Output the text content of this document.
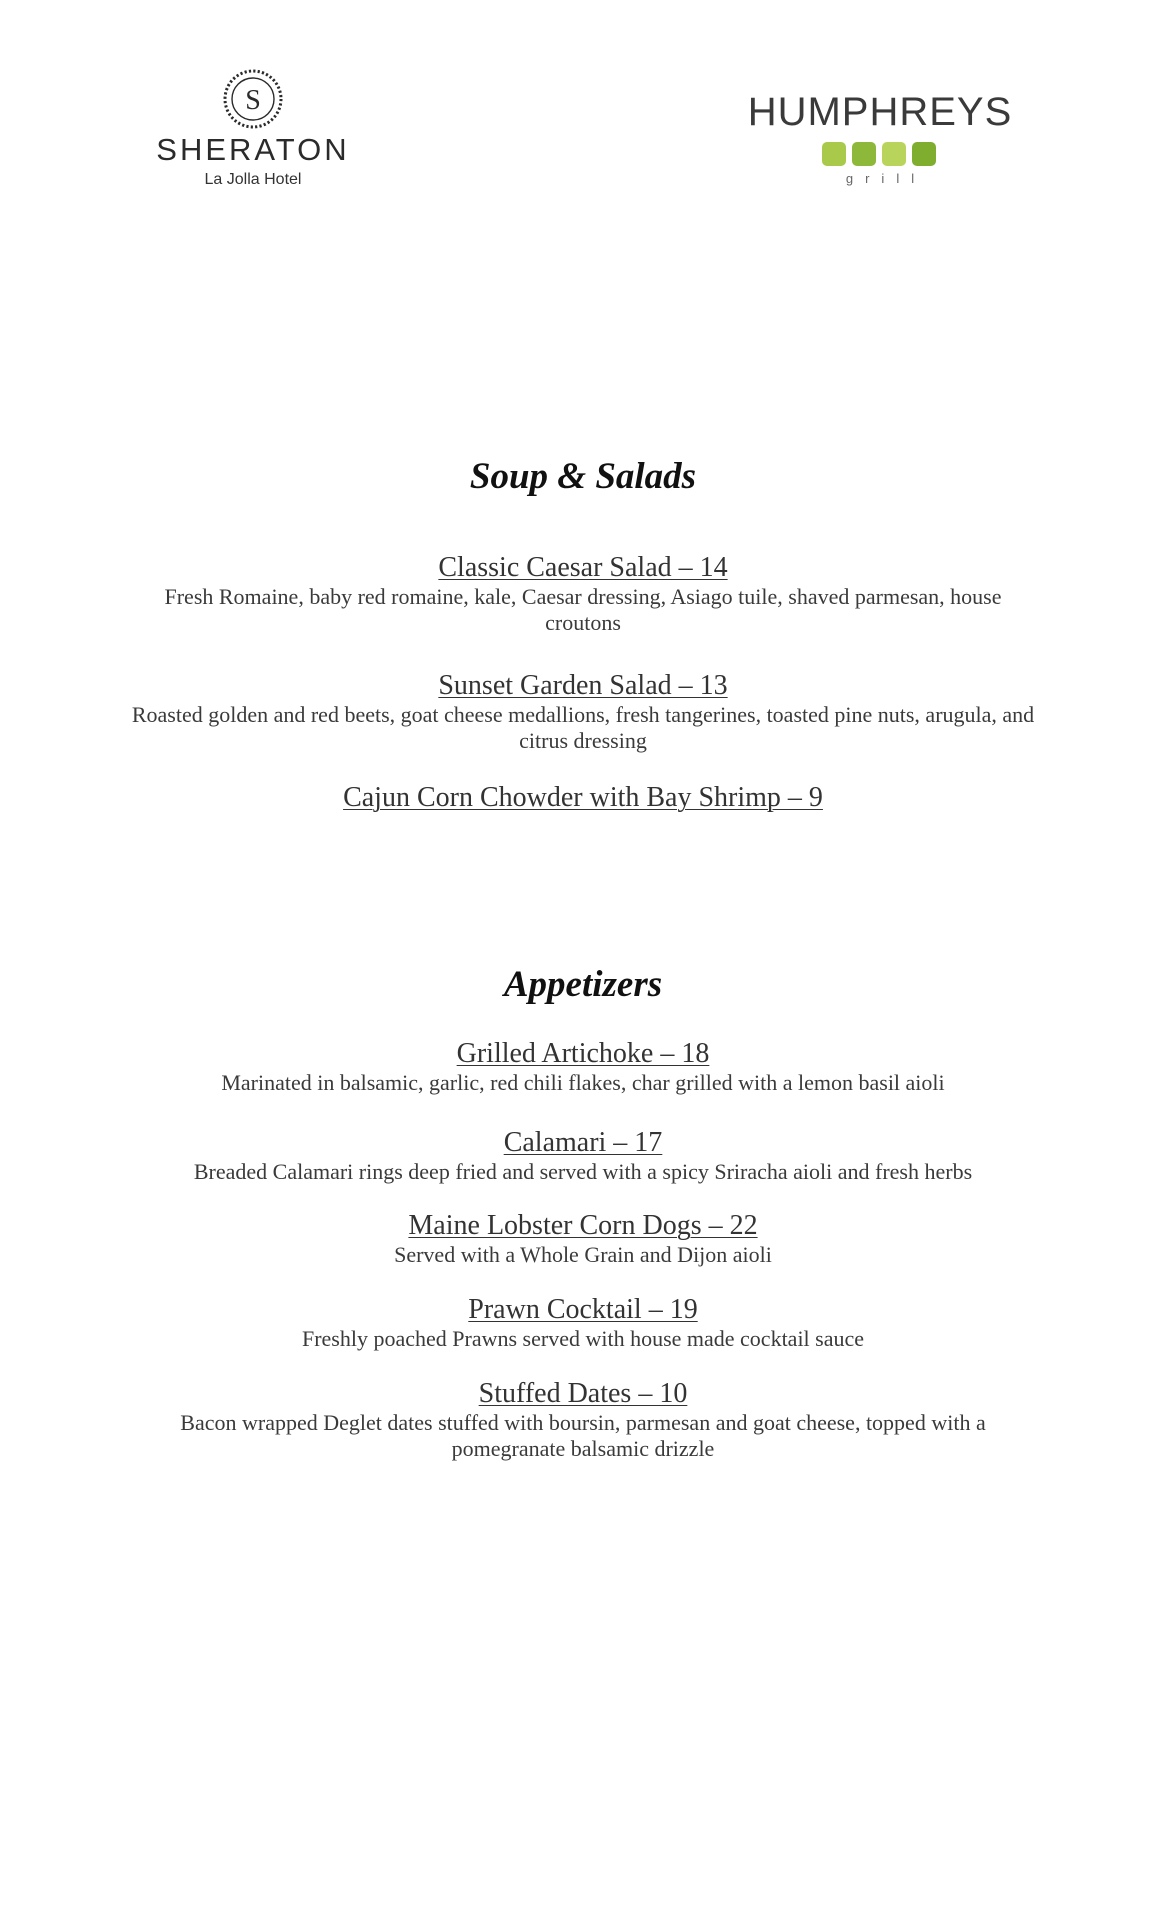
S
SHERATON
La Jolla Hotel
HUMPHREYS
grill
Soup & Salads
Classic Caesar Salad – 14
Fresh Romaine, baby red romaine, kale, Caesar dressing, Asiago tuile, shaved parmesan, house croutons
Sunset Garden Salad – 13
Roasted golden and red beets, goat cheese medallions, fresh tangerines, toasted pine nuts, arugula, and citrus dressing
Cajun Corn Chowder with Bay Shrimp – 9
Appetizers
Grilled Artichoke – 18
Marinated in balsamic, garlic, red chili flakes, char grilled with a lemon basil aioli
Calamari – 17
Breaded Calamari rings deep fried and served with a spicy Sriracha aioli and fresh herbs
Maine Lobster Corn Dogs – 22
Served with a Whole Grain and Dijon aioli
Prawn Cocktail – 19
Freshly poached Prawns served with house made cocktail sauce
Stuffed Dates – 10
Bacon wrapped Deglet dates stuffed with boursin, parmesan and goat cheese, topped with a pomegranate balsamic drizzle
